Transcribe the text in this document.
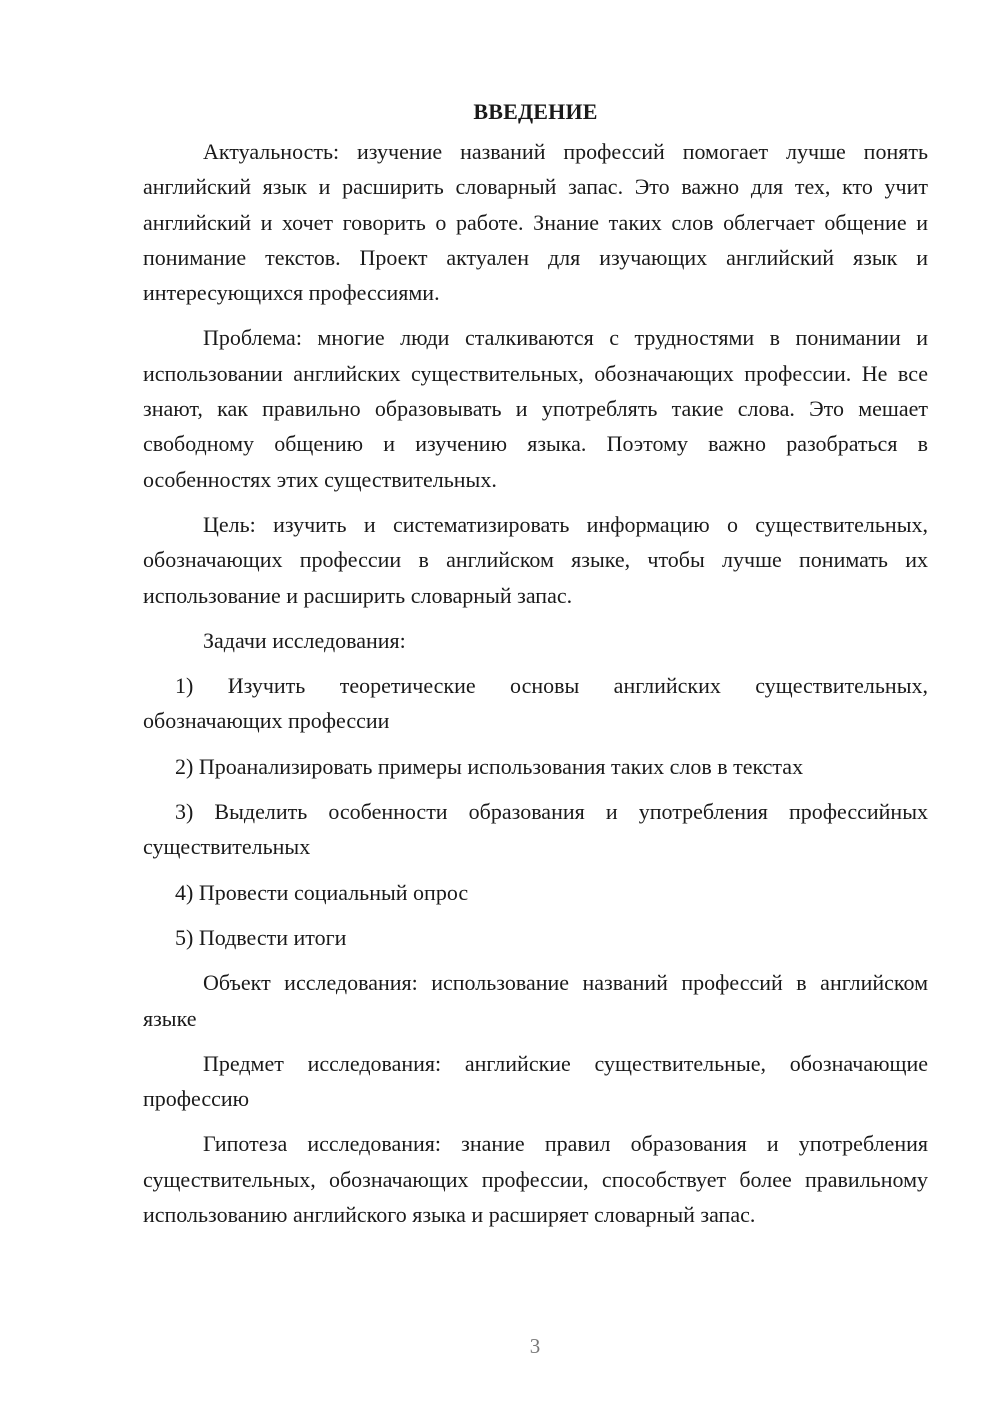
ВВЕДЕНИЕ

Актуальность: изучение названий профессий помогает лучше понять английский язык и расширить словарный запас. Это важно для тех, кто учит английский и хочет говорить о работе. Знание таких слов облегчает общение и понимание текстов. Проект актуален для изучающих английский язык и интересующихся профессиями.

Проблема: многие люди сталкиваются с трудностями в понимании и использовании английских существительных, обозначающих профессии. Не все знают, как правильно образовывать и употреблять такие слова. Это мешает свободному общению и изучению языка. Поэтому важно разобраться в особенностях этих существительных.

Цель: изучить и систематизировать информацию о существительных, обозначающих профессии в английском языке, чтобы лучше понимать их использование и расширить словарный запас.

Задачи исследования:

1) Изучить теоретические основы английских существительных, обозначающих профессии

2) Проанализировать примеры использования таких слов в текстах

3) Выделить особенности образования и употребления профессийных существительных

4) Провести социальный опрос

5) Подвести итоги

Объект исследования: использование названий профессий в английском языке

Предмет исследования: английские существительные, обозначающие профессию

Гипотеза исследования: знание правил образования и употребления существительных, обозначающих профессии, способствует более правильному использованию английского языка и расширяет словарный запас.

3
